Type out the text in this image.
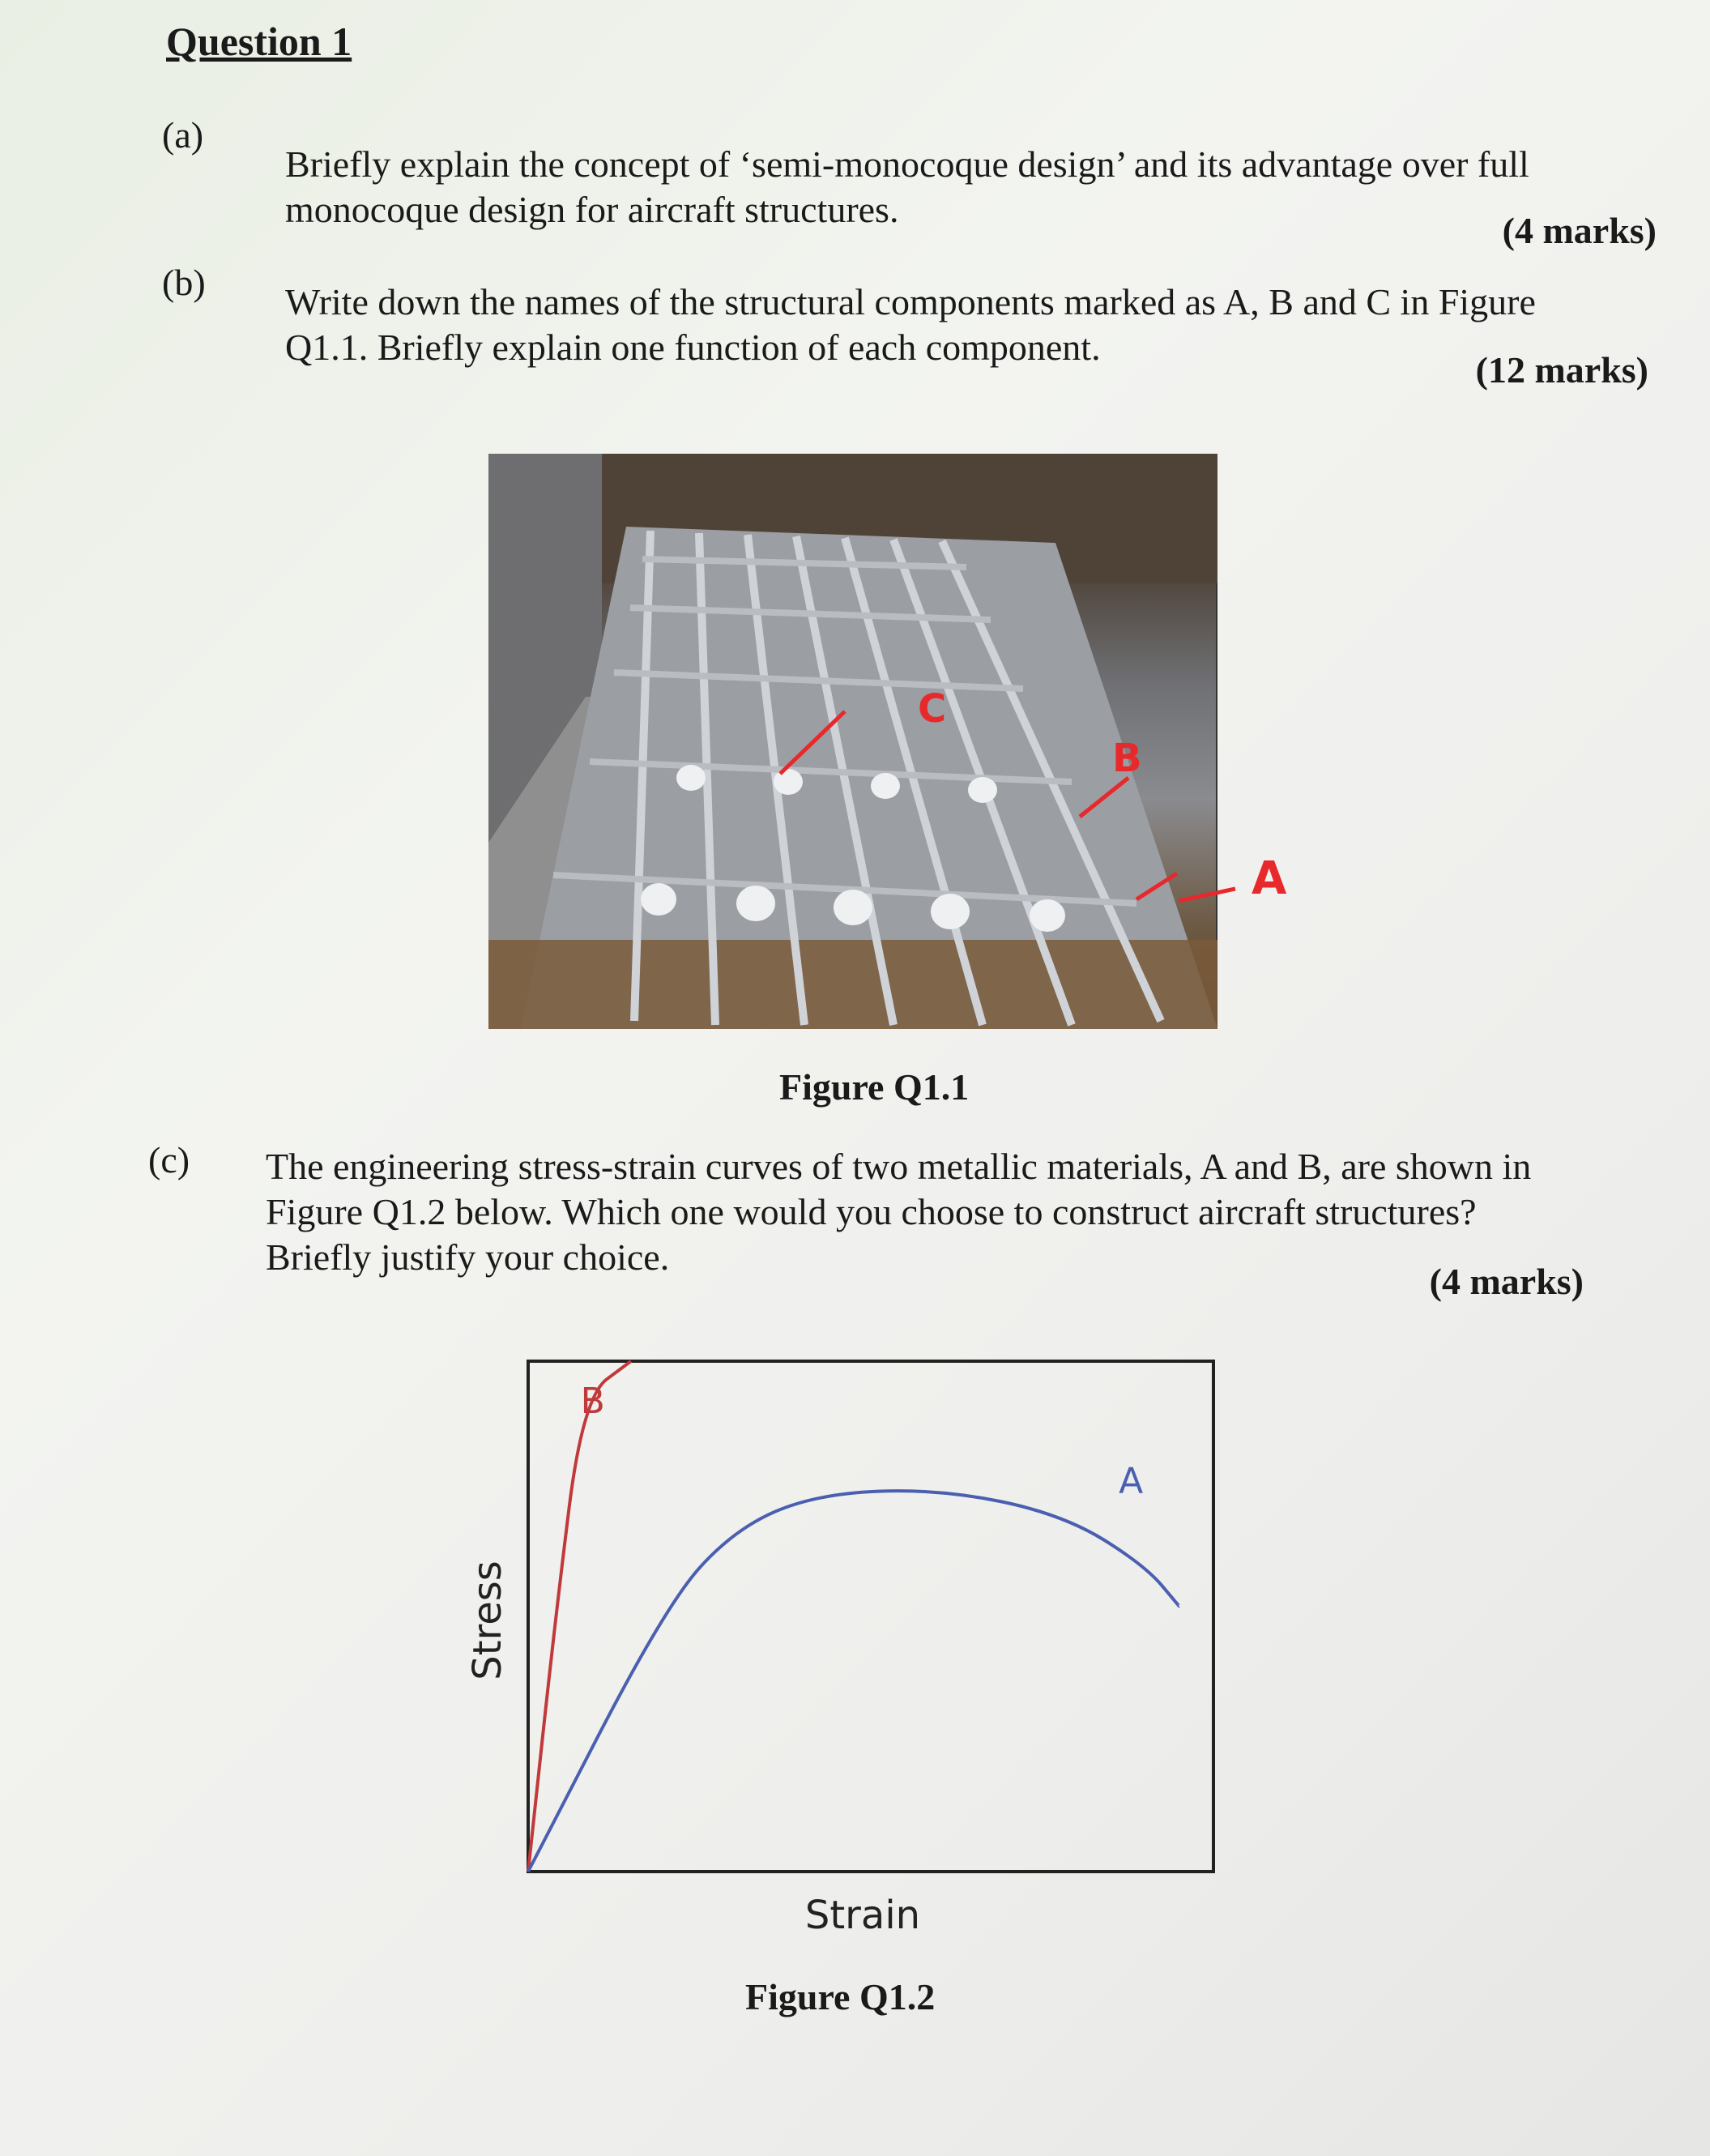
Question 1
(a)
Briefly explain the concept of ‘semi-monocoque design’ and its advantage over full
monocoque design for aircraft structures.
(4 marks)
(b) Write down the names of the structural components marked as A, B and C in Figure
Q1.1. Briefly explain one function of each component.
(12 marks)
C
B
A
Figure Q1.1
(c) The engineering stress-strain curves of two metallic materials, A and B, are shown in
Figure Q1.2 below. Which one would you choose to construct aircraft structures?
Briefly justify your choice.
(4 marks)
B
A
Stress
Strain
Figure Q1.2
